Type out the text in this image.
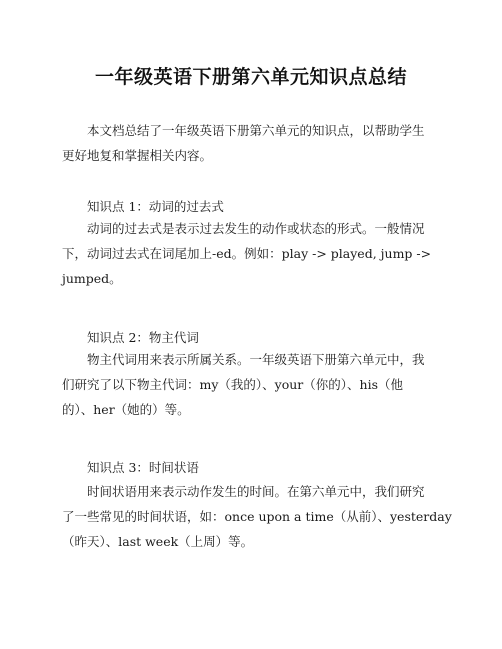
一年级英语下册第六单元知识点总结

本文档总结了一年级英语下册第六单元的知识点，以帮助学生
更好地复和掌握相关内容。

知识点 1：动词的过去式

动词的过去式是表示过去发生的动作或状态的形式。一般情况
下，动词过去式在词尾加上-ed。例如：play -> played, jump ->
jumped。

知识点 2：物主代词

物主代词用来表示所属关系。一年级英语下册第六单元中，我
们研究了以下物主代词：my（我的）、your（你的）、his（他
的）、her（她的）等。

知识点 3：时间状语

时间状语用来表示动作发生的时间。在第六单元中，我们研究
了一些常见的时间状语，如：once upon a time（从前）、yesterday
（昨天）、last week（上周）等。
